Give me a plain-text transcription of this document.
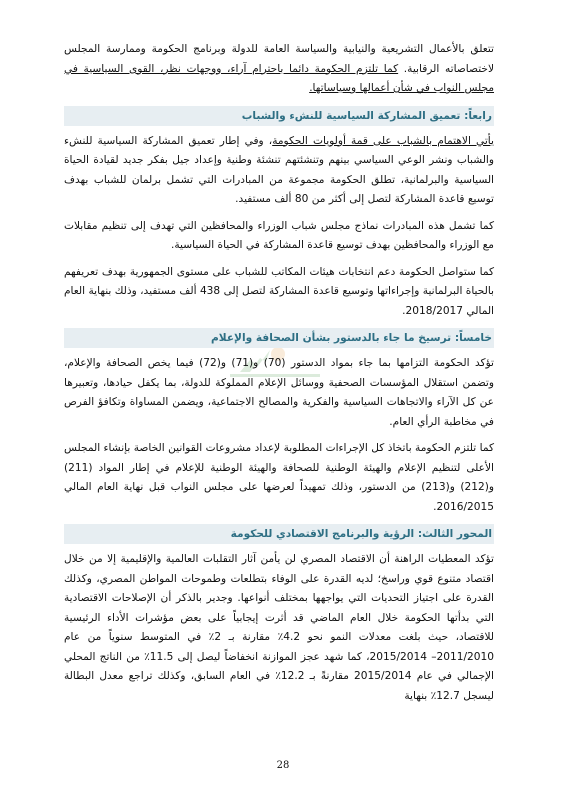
تتعلق بالأعمال التشريعية والنيابية والسياسة العامة للدولة وبرنامج الحكومة وممارسة المجلس لاختصاصاته الرقابية. كما تلتزم الحكومة دائما باحترام آراء، ووجهات نظر، القوى السياسية في مجلس النواب في شأن أعمالها وسياساتها.

رابعاً: تعميق المشاركة السياسية للنشء والشباب

يأتي الاهتمام بالشباب على قمة أولويات الحكومة، وفي إطار تعميق المشاركة السياسية للنشء والشباب ونشر الوعي السياسي بينهم وتنشئتهم تنشئة وطنية وإعداد جيل بفكر جديد لقيادة الحياة السياسية والبرلمانية، تطلق الحكومة مجموعة من المبادرات التي تشمل برلمان للشباب بهدف توسيع قاعدة المشاركة لتصل إلى أكثر من 80 ألف مستفيد.

كما تشمل هذه المبادرات نماذج مجلس شباب الوزراء والمحافظين التي تهدف إلى تنظيم مقابلات مع الوزراء والمحافظين بهدف توسيع قاعدة المشاركة في الحياة السياسية.

كما ستواصل الحكومة دعم انتخابات هيئات المكاتب للشباب على مستوى الجمهورية بهدف تعريفهم بالحياة البرلمانية وإجراءاتها وتوسيع قاعدة المشاركة لتصل إلى 438 ألف مستفيد، وذلك بنهاية العام المالي 2018/2017.

خامساً: ترسيخ ما جاء بالدستور بشأن الصحافة والإعلام

تؤكد الحكومة التزامها بما جاء بمواد الدستور (70) و(71) و(72) فيما يخص الصحافة والإعلام، وتضمن استقلال المؤسسات الصحفية ووسائل الإعلام المملوكة للدولة، بما يكفل حيادها، وتعبيرها عن كل الآراء والاتجاهات السياسية والفكرية والمصالح الاجتماعية، ويضمن المساواة وتكافؤ الفرص في مخاطبة الرأي العام.

كما تلتزم الحكومة باتخاذ كل الإجراءات المطلوبة لإعداد مشروعات القوانين الخاصة بإنشاء المجلس الأعلى لتنظيم الإعلام والهيئة الوطنية للصحافة والهيئة الوطنية للإعلام في إطار المواد (211) و(212) و(213) من الدستور، وذلك تمهيداً لعرضها على مجلس النواب قبل نهاية العام المالي 2016/2015.

المحور الثالث: الرؤية والبرنامج الاقتصادي للحكومة

تؤكد المعطيات الراهنة أن الاقتصاد المصري لن يأمن آثار التقلبات العالمية والإقليمية إلا من خلال اقتصاد متنوع قوي وراسخ؛ لديه القدرة على الوفاء بتطلعات وطموحات المواطن المصري، وكذلك القدرة على اجتياز التحديات التي يواجهها بمختلف أنواعها. وجدير بالذكر أن الإصلاحات الاقتصادية التي بدأتها الحكومة خلال العام الماضي قد أثرت إيجابياً على بعض مؤشرات الأداء الرئيسية للاقتصاد، حيث بلغت معدلات النمو نحو 4.2٪ مقارنة بـ 2٪ في المتوسط سنوياً من عام 2011/2010– 2015/2014، كما شهد عجز الموازنة انخفاضاً ليصل إلى 11.5٪ من الناتج المحلي الإجمالي في عام 2015/2014 مقارنةً بـ 12.2٪ في العام السابق، وكذلك تراجع معدل البطالة ليسجل 12.7٪ بنهاية

28
